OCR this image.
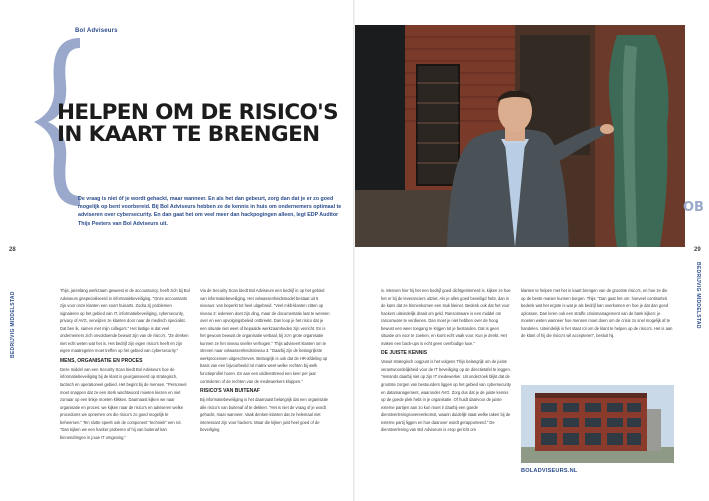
Bol Adviseurs
HELPEN OM DE RISICO'S
IN KAART TE BRENGEN

De vraag is niet óf je wordt gehackt, maar wanneer. En als het dan gebeurt, zorg dan dat je er zo goed mogelijk op bent voorbereid. Bij Bol Adviseurs hebben ze de kennis in huis om ondernemers optimaal te adviseren over cybersecurity. En dan gaat het om veel meer dan hackpogingen alleen, legt EDP Auditor Thijs Peeters van Bol Adviseurs uit.

28
BEDRIJVIG MIDDELSTAD

Thijs, jarenlang werkzaam geweest in de accountancy, heeft zich bij Bol Adviseurs gespecialiseerd in informatiebeveiliging. "Onze accountants zijn voor onze klanten een soort huisarts. Zodra zij problemen signaleren op het gebied van IT, informatiebeveiliging, cybersecurity, privacy of AVG, verwijzen ze klanten door naar de medisch specialist. Dat ben ik, samen met mijn collega's." Het lastige is dat veel ondernemers zich onvoldoende bewust zijn van de risico's. "Ze denken niet echt weten wat het is. Het bedrijf zijn eigen risico's heeft en zijn eigen maatregelen moet treffen op het gebied van cybersecurity."

MENS, ORGANISATIE EN PROCES

Deze middel van een Security Scan biedt Bol Adviseurs hoe de informatiebeveiliging bij de klant is georganiseerd op strategisch, tactisch en operationeel gebied. Het begint bij de mensen. "Personeel moet snappen dat ze een sterk wachtwoord moeten kiezen en niet zomaar op een linkje moeten klikken. Daarnaast kijken we naar organisatie en proces: we kijken naar de risico's en adviseren welke procedures we opnemen om die risico's zo goed mogelijk te beheersen." Ten slotte speelt ook de component "techniek" een rol. "Dan kijken we een hacker proberen of hij van buitenaf kan binnendringen in jouw IT omgeving."

Via de Security Scan biedt Bol Adviseurs een bedrijf in op het gebied van informatiebeveiliging. Het volwassenheidsmodel bestaat uit 5 niveaus: van beperkt tot heel uitgebreid. "Veel mkb-klanten zitten op niveau 2: iedereen doet zijn ding, maar de documentatie laat te wensen over en een opvolgingsbeleid ontbreekt. Dan loop je het risico dat je een situatie niet weet of bepaalde werkzaamheden zijn verricht. En is het gewoon bewust de organisatie verbaal, bij zo'n grote organisatie kunnen ze het niveau sneller verhogen." Thijs adviseert klanten om te streven naar volwassenheidsniveau 3. "Daarbij zijn de belangrijkste werkprocessen uitgeschreven. Belangrijk is ook dat de HR-afdeling op basis van een bijvoorbeeld rol matrix weet welke rechten bij welk functieprofiel horen. En aan een uitdiensttreed een keer per jaar controleren of de rechten van de medewerkers kloppen."

RISICO'S VAN BUITENAF

Bij informatiebeveiliging is het daarnaast belangrijk dat een organisatie alle risico's van buitenaf af te dekken. "Het is niet de vraag of je wordt gehackt, maar wanneer. Vaak denken klanten dat ze helemaal niet interessant zijn voor hackers. Maar die kijken juist heel goed of de beveiliging

OB
29
BEDRIJVIG MIDDELSTAD

is. Mensen hier hij het een bedrijf goed dichtgetimmerd is, kijken ze hoe het er bij de leveranciers uitziet. Als je alles goed beveiligd hebt, dan is de kans dat ze binnenkomen een stuk kleiner. Bedenk ook dat het voor hackers uiteindelijk draait om geld. Ransomware is een middel om rancunware te verdienen. Dan moet je niet hebben over de hoog bewust een weer toegang te krijgen tot je bestanden. Dat is geen situatie om voor te zoeken, en komt echt vaak voor. Kun je denkt. Het maken een back-ups is echt geen overbodige luxe."

DE JUISTE KENNIS

Vanuit strategisch oogpunt is het volgens Thijs belangrijk om de juiste verantwoordelijkheid voor de IT beveiliging op de directietafel te leggen. "Iemands daarbij niet op zijn IT medewerker. Uit onderzoek blijkt dat de grootste zorgen van bestuurders liggen op het gebied van cybersecurity en datamanagement, waaronder AVG. Zorg dus dat je de juiste kennis op de goede plek hebt in je organisatie. Of huidt daarvoor de juiste externe partijen aan zo kun moet ir daarbij een goede dienstverleningsovereenkomst, waarin duidelijk staat welke taken bij de externe partij liggen en hoe daarover wordt gerapporteerd." De dienstverlening van Bol Adviseurs is erop gericht om

klanten te helpen met het in kaart brengen van de grootste risico's, en hoe ze die op de beste manier kunnen borgen. Thijs: "Dan gaat het om: hoeveel continuïteit bedenk wat het ergste is wat je als bedrijf kan overkomen en hoe je dat dan goed oplossen. Dan leren ook een straffe crisismanagement van de bank kijken: je moeten weten wanneer hoe mensen moet doen om de crisis zo snel mogelijk af te handelen. Uiteindelijk is het staat rol om de klant te helpen op de risico's. Het is aan de klant of hij die risico's wil accepteren", besluit hij.

BOLADVISEURS.NL
